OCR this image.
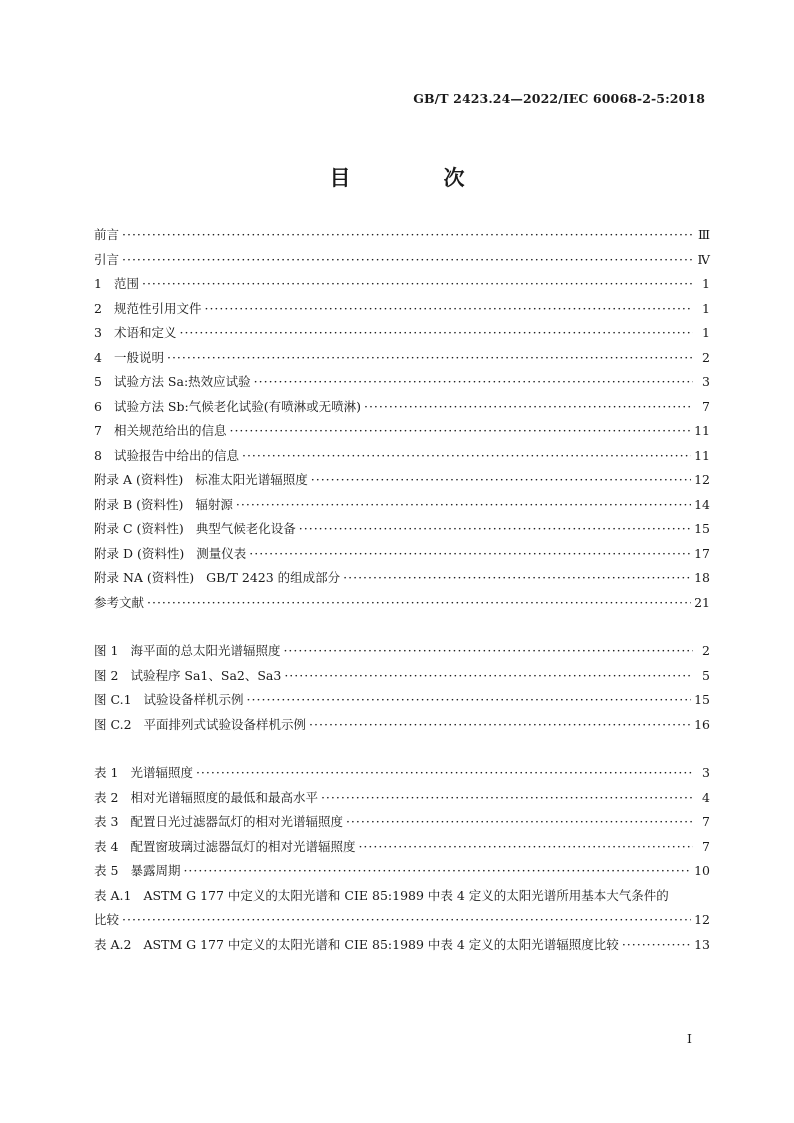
GB/T 2423.24—2022/IEC 60068-2-5:2018
目　次
前言 ·····	Ⅲ
引言 ·····	Ⅳ
1 范围 ·····	1
2 规范性引用文件 ·····	1
3 术语和定义 ·····	1
4 一般说明 ·····	2
5 试验方法 Sa:热效应试验 ·····	3
6 试验方法 Sb:气候老化试验(有喷淋或无喷淋) ·····	7
7 相关规范给出的信息 ·····	11
8 试验报告中给出的信息 ·····	11
附录 A (资料性) 标准太阳光谱辐照度 ·····	12
附录 B (资料性) 辐射源 ·····	14
附录 C (资料性) 典型气候老化设备 ·····	15
附录 D (资料性) 测量仪表 ·····	17
附录 NA (资料性) GB/T 2423 的组成部分 ·····	18
参考文献 ·····	21
图 1 海平面的总太阳光谱辐照度 ·····	2
图 2 试验程序 Sa1、Sa2、Sa3 ·····	5
图 C.1 试验设备样机示例 ·····	15
图 C.2 平面排列式试验设备样机示例 ·····	16
表 1 光谱辐照度 ·····	3
表 2 相对光谱辐照度的最低和最高水平 ·····	4
表 3 配置日光过滤器氙灯的相对光谱辐照度 ·····	7
表 4 配置窗玻璃过滤器氙灯的相对光谱辐照度 ·····	7
表 5 暴露周期 ·····	10
表 A.1 ASTM G 177 中定义的太阳光谱和 CIE 85:1989 中表 4 定义的太阳光谱所用基本大气条件的
比较 ·····	12
表 A.2 ASTM G 177 中定义的太阳光谱和 CIE 85:1989 中表 4 定义的太阳光谱辐照度比较 ·····	13
I
